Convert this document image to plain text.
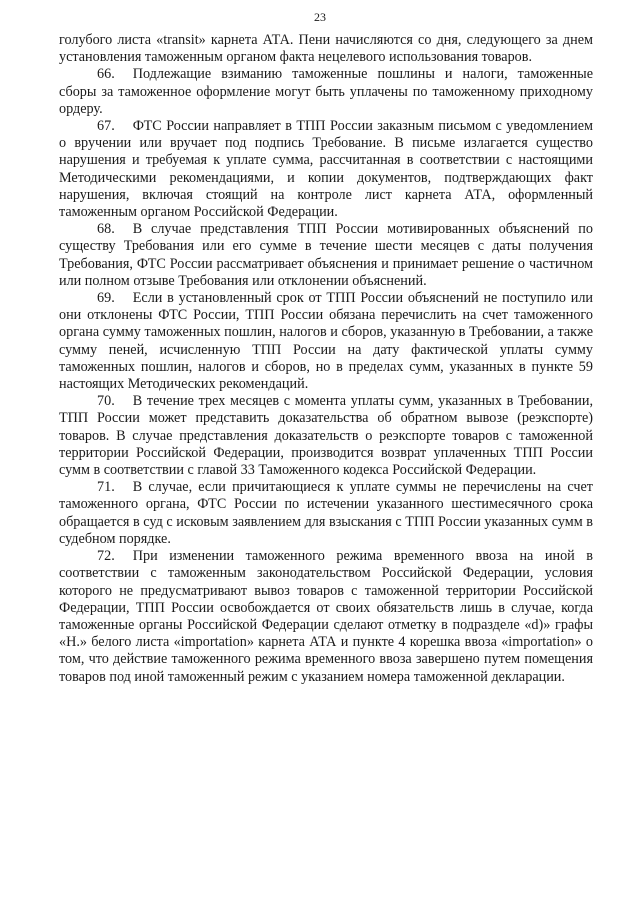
23

голубого листа «transit» карнета АТА. Пени начисляются со дня, следующего за днем установления таможенным органом факта нецелевого использования товаров.

66. Подлежащие взиманию таможенные пошлины и налоги, таможенные сборы за таможенное оформление могут быть уплачены по таможенному приходному ордеру.

67. ФТС России направляет в ТПП России заказным письмом с уведомлением о вручении или вручает под подпись Требование. В письме излагается существо нарушения и требуемая к уплате сумма, рассчитанная в соответствии с настоящими Методическими рекомендациями, и копии документов, подтверждающих факт нарушения, включая стоящий на контроле лист карнета АТА, оформленный таможенным органом Российской Федерации.

68. В случае представления ТПП России мотивированных объяснений по существу Требования или его сумме в течение шести месяцев с даты получения Требования, ФТС России рассматривает объяснения и принимает решение о частичном или полном отзыве Требования или отклонении объяснений.

69. Если в установленный срок от ТПП России объяснений не поступило или они отклонены ФТС России, ТПП России обязана перечислить на счет таможенного органа сумму таможенных пошлин, налогов и сборов, указанную в Требовании, а также сумму пеней, исчисленную ТПП России на дату фактической уплаты сумму таможенных пошлин, налогов и сборов, но в пределах сумм, указанных в пункте 59 настоящих Методических рекомендаций.

70. В течение трех месяцев с момента уплаты сумм, указанных в Требовании, ТПП России может представить доказательства об обратном вывозе (реэкспорте) товаров. В случае представления доказательств о реэкспорте товаров с таможенной территории Российской Федерации, производится возврат уплаченных ТПП России сумм в соответствии с главой 33 Таможенного кодекса Российской Федерации.

71. В случае, если причитающиеся к уплате суммы не перечислены на счет таможенного органа, ФТС России по истечении указанного шестимесячного срока обращается в суд с исковым заявлением для взыскания с ТПП России указанных сумм в судебном порядке.

72. При изменении таможенного режима временного ввоза на иной в соответствии с таможенным законодательством Российской Федерации, условия которого не предусматривают вывоз товаров с таможенной территории Российской Федерации, ТПП России освобождается от своих обязательств лишь в случае, когда таможенные органы Российской Федерации сделают отметку в подразделе «d)» графы «H.» белого листа «importation» карнета АТА и пункте 4 корешка ввоза «importation» о том, что действие таможенного режима временного ввоза завершено путем помещения товаров под иной таможенный режим с указанием номера таможенной декларации.
